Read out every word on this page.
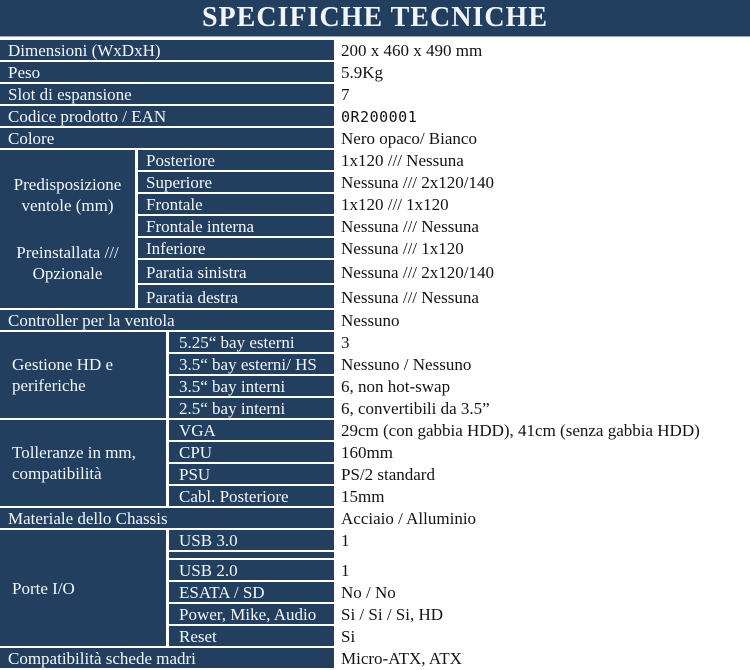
SPECIFICHE TECNICHE
Dimensioni (WxDxH)	200 x 460 x 490 mm
Peso	5.9Kg
Slot di espansione	7
Codice prodotto / EAN	0R200001
Colore	Nero opaco/ Bianco

Predisposizione ventole (mm)

Preinstallata /// Opzionale

Posteriore	1x120 /// Nessuna
Superiore	Nessuna /// 2x120/140
Frontale	1x120 /// 1x120
Frontale interna	Nessuna /// Nessuna
Inferiore	Nessuna /// 1x120
Paratia sinistra	Nessuna /// 2x120/140
Paratia destra	Nessuna /// Nessuna
Controller per la ventola	Nessuno

Gestione HD e periferiche

5.25“ bay esterni	3
3.5“ bay esterni/ HS	Nessuno / Nessuno
3.5“ bay interni	6, non hot-swap
2.5“ bay interni	6, convertibili da 3.5”

Tolleranze in mm, compatibilità

VGA	29cm (con gabbia HDD), 41cm (senza gabbia HDD)
CPU	160mm
PSU	PS/2 standard
Cabl. Posteriore	15mm
Materiale dello Chassis	Acciaio / Alluminio

Porte I/O

USB 3.0	1
USB 2.0	1
ESATA / SD	No / No
Power, Mike, Audio	Si / Si / Si, HD
Reset	Si
Compatibilità schede madri	Micro-ATX, ATX
